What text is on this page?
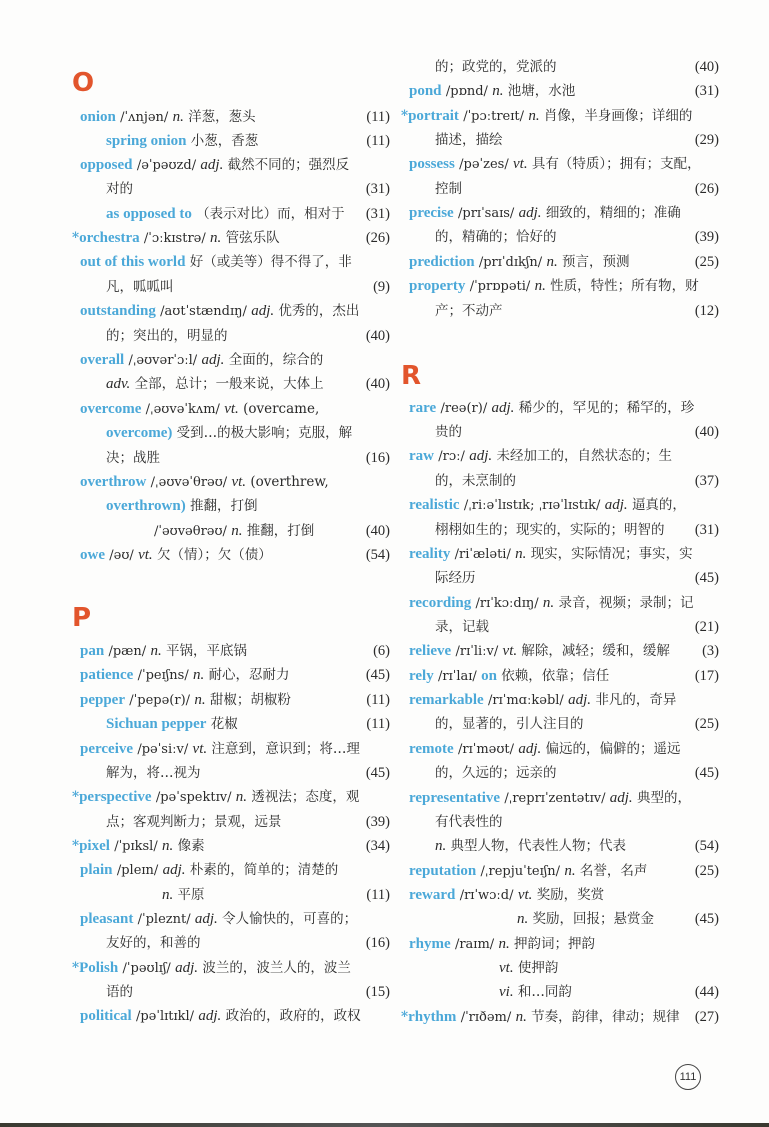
O
P
onion /ˈʌnjən/ n. 洋葱，葱头	(11)
spring onion 小葱，香葱	(11)
opposed /əˈpəʊzd/ adj. 截然不同的；强烈反
对的	(31)
as opposed to （表示对比）而，相对于 (31)
*orchestra /ˈɔːkɪstrə/ n. 管弦乐队	(26)
out of this world 好（或美等）得不得了，非
凡，呱呱叫	(9)
outstanding /aʊtˈstændɪŋ/ adj. 优秀的，杰出
的；突出的，明显的	(40)
overall /ˌəʊvərˈɔːl/ adj. 全面的，综合的
adv. 全部，总计；一般来说，大体上	(40)
overcome /ˌəʊvəˈkʌm/ vt. (overcame,
overcome) 受到…的极大影响；克服，解
决；战胜	(16)
overthrow /ˌəʊvəˈθrəʊ/ vt. (overthrew,
overthrown) 推翻，打倒
/ˈəʊvəθrəʊ/ n. 推翻，打倒	(40)
owe /əʊ/ vt. 欠（情）；欠（债）	(54)
pan /pæn/ n. 平锅，平底锅	(6)
patience /ˈpeɪʃns/ n. 耐心，忍耐力	(45)
pepper /ˈpepə(r)/ n. 甜椒；胡椒粉	(11)
Sichuan pepper 花椒	(11)
perceive /pəˈsiːv/ vt. 注意到，意识到；将…理
解为，将…视为	(45)
*perspective /pəˈspektɪv/ n. 透视法；态度，观
点；客观判断力；景观，远景	(39)
*pixel /ˈpɪksl/ n. 像素	(34)
plain /pleɪn/ adj. 朴素的，简单的；清楚的
n. 平原	(11)
pleasant /ˈpleznt/ adj. 令人愉快的，可喜的；
友好的，和善的	(16)
*Polish /ˈpəʊlɪʃ/ adj. 波兰的，波兰人的，波兰
语的	(15)
political /pəˈlɪtɪkl/ adj. 政治的，政府的，政权
R
的；政党的，党派的	(40)
pond /pɒnd/ n. 池塘，水池	(31)
*portrait /ˈpɔːtreɪt/ n. 肖像，半身画像；详细的
描述，描绘	(29)
possess /pəˈzes/ vt. 具有（特质）；拥有；支配，
控制	(26)
precise /prɪˈsaɪs/ adj. 细致的，精细的；准确
的，精确的；恰好的	(39)
prediction /prɪˈdɪkʃn/ n. 预言，预测	(25)
property /ˈprɒpəti/ n. 性质，特性；所有物，财
产；不动产	(12)
rare /reə(r)/ adj. 稀少的，罕见的；稀罕的，珍
贵的	(40)
raw /rɔː/ adj. 未经加工的，自然状态的；生
的，未烹制的	(37)
realistic /ˌriːəˈlɪstɪk; ˌrɪəˈlɪstɪk/ adj. 逼真的，
栩栩如生的；现实的，实际的；明智的 (31)
reality /riˈæləti/ n. 现实，实际情况；事实，实
际经历	(45)
recording /rɪˈkɔːdɪŋ/ n. 录音，视频；录制；记
录，记载	(21)
relieve /rɪˈliːv/ vt. 解除，减轻；缓和，缓解 (3)
rely /rɪˈlaɪ/ on 依赖，依靠；信任	(17)
remarkable /rɪˈmɑːkəbl/ adj. 非凡的，奇异
的，显著的，引人注目的	(25)
remote /rɪˈməʊt/ adj. 偏远的，偏僻的；遥远
的，久远的；远亲的	(45)
representative /ˌreprɪˈzentətɪv/ adj. 典型的，
有代表性的
n. 典型人物，代表性人物；代表	(54)
reputation /ˌrepjuˈteɪʃn/ n. 名誉，名声	(25)
reward /rɪˈwɔːd/ vt. 奖励，奖赏
n. 奖励，回报；悬赏金	(45)
rhyme /raɪm/ n. 押韵词；押韵
vt. 使押韵
vi. 和…同韵	(44)
*rhythm /ˈrɪðəm/ n. 节奏，韵律，律动；规律 (27)
111
